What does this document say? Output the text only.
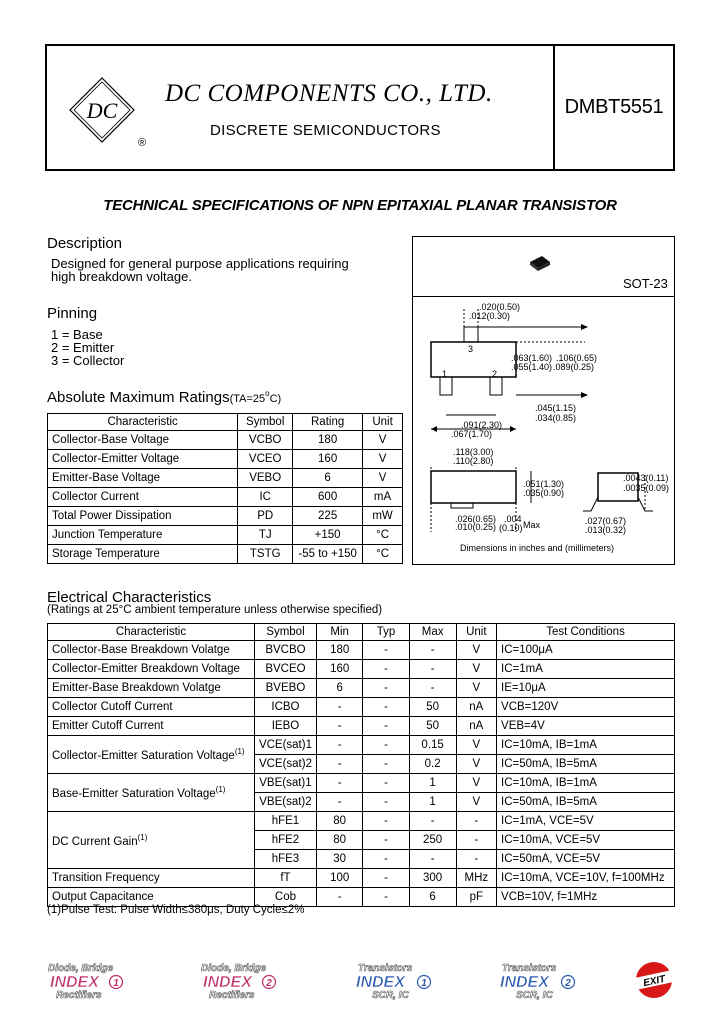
DC
®
DC COMPONENTS CO., LTD.
DISCRETE SEMICONDUCTORS
DMBT5551
TECHNICAL SPECIFICATIONS OF NPN EPITAXIAL PLANAR TRANSISTOR
Description
Designed for general purpose applications requiring
high breakdown voltage.
Pinning
1 = Base
2 = Emitter
3 = Collector
SOT-23
.020(0.50)
.012(0.30)
.063(1.60)
.055(1.40)
.106(0.65)
.089(0.25)
.045(1.15)
.034(0.85)
.091(2.30)
.067(1.70)
.118(3.00)
.110(2.80)
.051(1.30)
.035(0.90)
.0043(0.11)
.0035(0.09)
.026(0.65)
.010(0.25)
.004
(0.10) Max	.027(0.67)
.013(0.32)
1	2
3
Dimensions in inches and (millimeters)
Absolute Maximum $Ratings(TA=25^oC)$
Characteristic	Symbol	Rating	Unit
Collector-Base Voltage	VCBO	180	V
Collector-Emitter Voltage	VCEO	160	V
Emitter-Base Voltage	VEBO	6	V
Collector Current	IC	600	mA
Total Power Dissipation	PD	225	mW
Junction Temperature	TJ	+150	°C
Storage Temperature	TSTG	-55 to +150	°C
Electrical Characteristics
(Ratings at 25°C ambient temperature unless otherwise specified)
Characteristic	Symbol	Min	Typ	Max	Unit	Test Conditions
Collector-Base Breakdown Volatge	BVCBO	180	-	-	V	IC=100μA
Collector-Emitter Breakdown Voltage	BVCEO	160	-	-	V	IC=1mA
Emitter-Base Breakdown Volatge	BVEBO	6	-	-	V	IE=10μA
Collector Cutoff Current	ICBO	-	-	50	nA	VCB=120V
Emitter Cutoff Current	IEBO	-	-	50	nA	VEB=4V
Collector-Emitter Saturation Voltage$^{(1)}$	VCE(sat)1	-	-	0.15	V	IC=10mA, IB=1mA
	VCE(sat)2	-	-	0.2	V	IC=50mA, IB=5mA
Base-Emitter Saturation Voltage$^{(1)}$	VBE(sat)1	-	-	1	V	IC=10mA, IB=1mA
	VBE(sat)2	-	-	1	V	IC=50mA, IB=5mA
DC Current Gain$^{(1)}$	hFE1	80	-	-	-	IC=1mA, VCE=5V
	hFE2	80	-	250	-	IC=10mA, VCE=5V
	hFE3	30	-	-	-	IC=50mA, VCE=5V
Transition Frequency	fT	100	-	300	MHz	IC=10mA, VCE=10V, f=100MHz
Output Capacitance	Cob	-	-	6	pF	VCB=10V, f=1MHz
(1)Pulse Test: Pulse Width≤380μs, Duty Cycle≤2%
Diode, Bridge
INDEX 1
Rectifiers
Diode, Bridge
INDEX 2
Rectifiers
Transistors
INDEX 1
SCR, IC
Transistors
INDEX 2
SCR, IC
EXIT
